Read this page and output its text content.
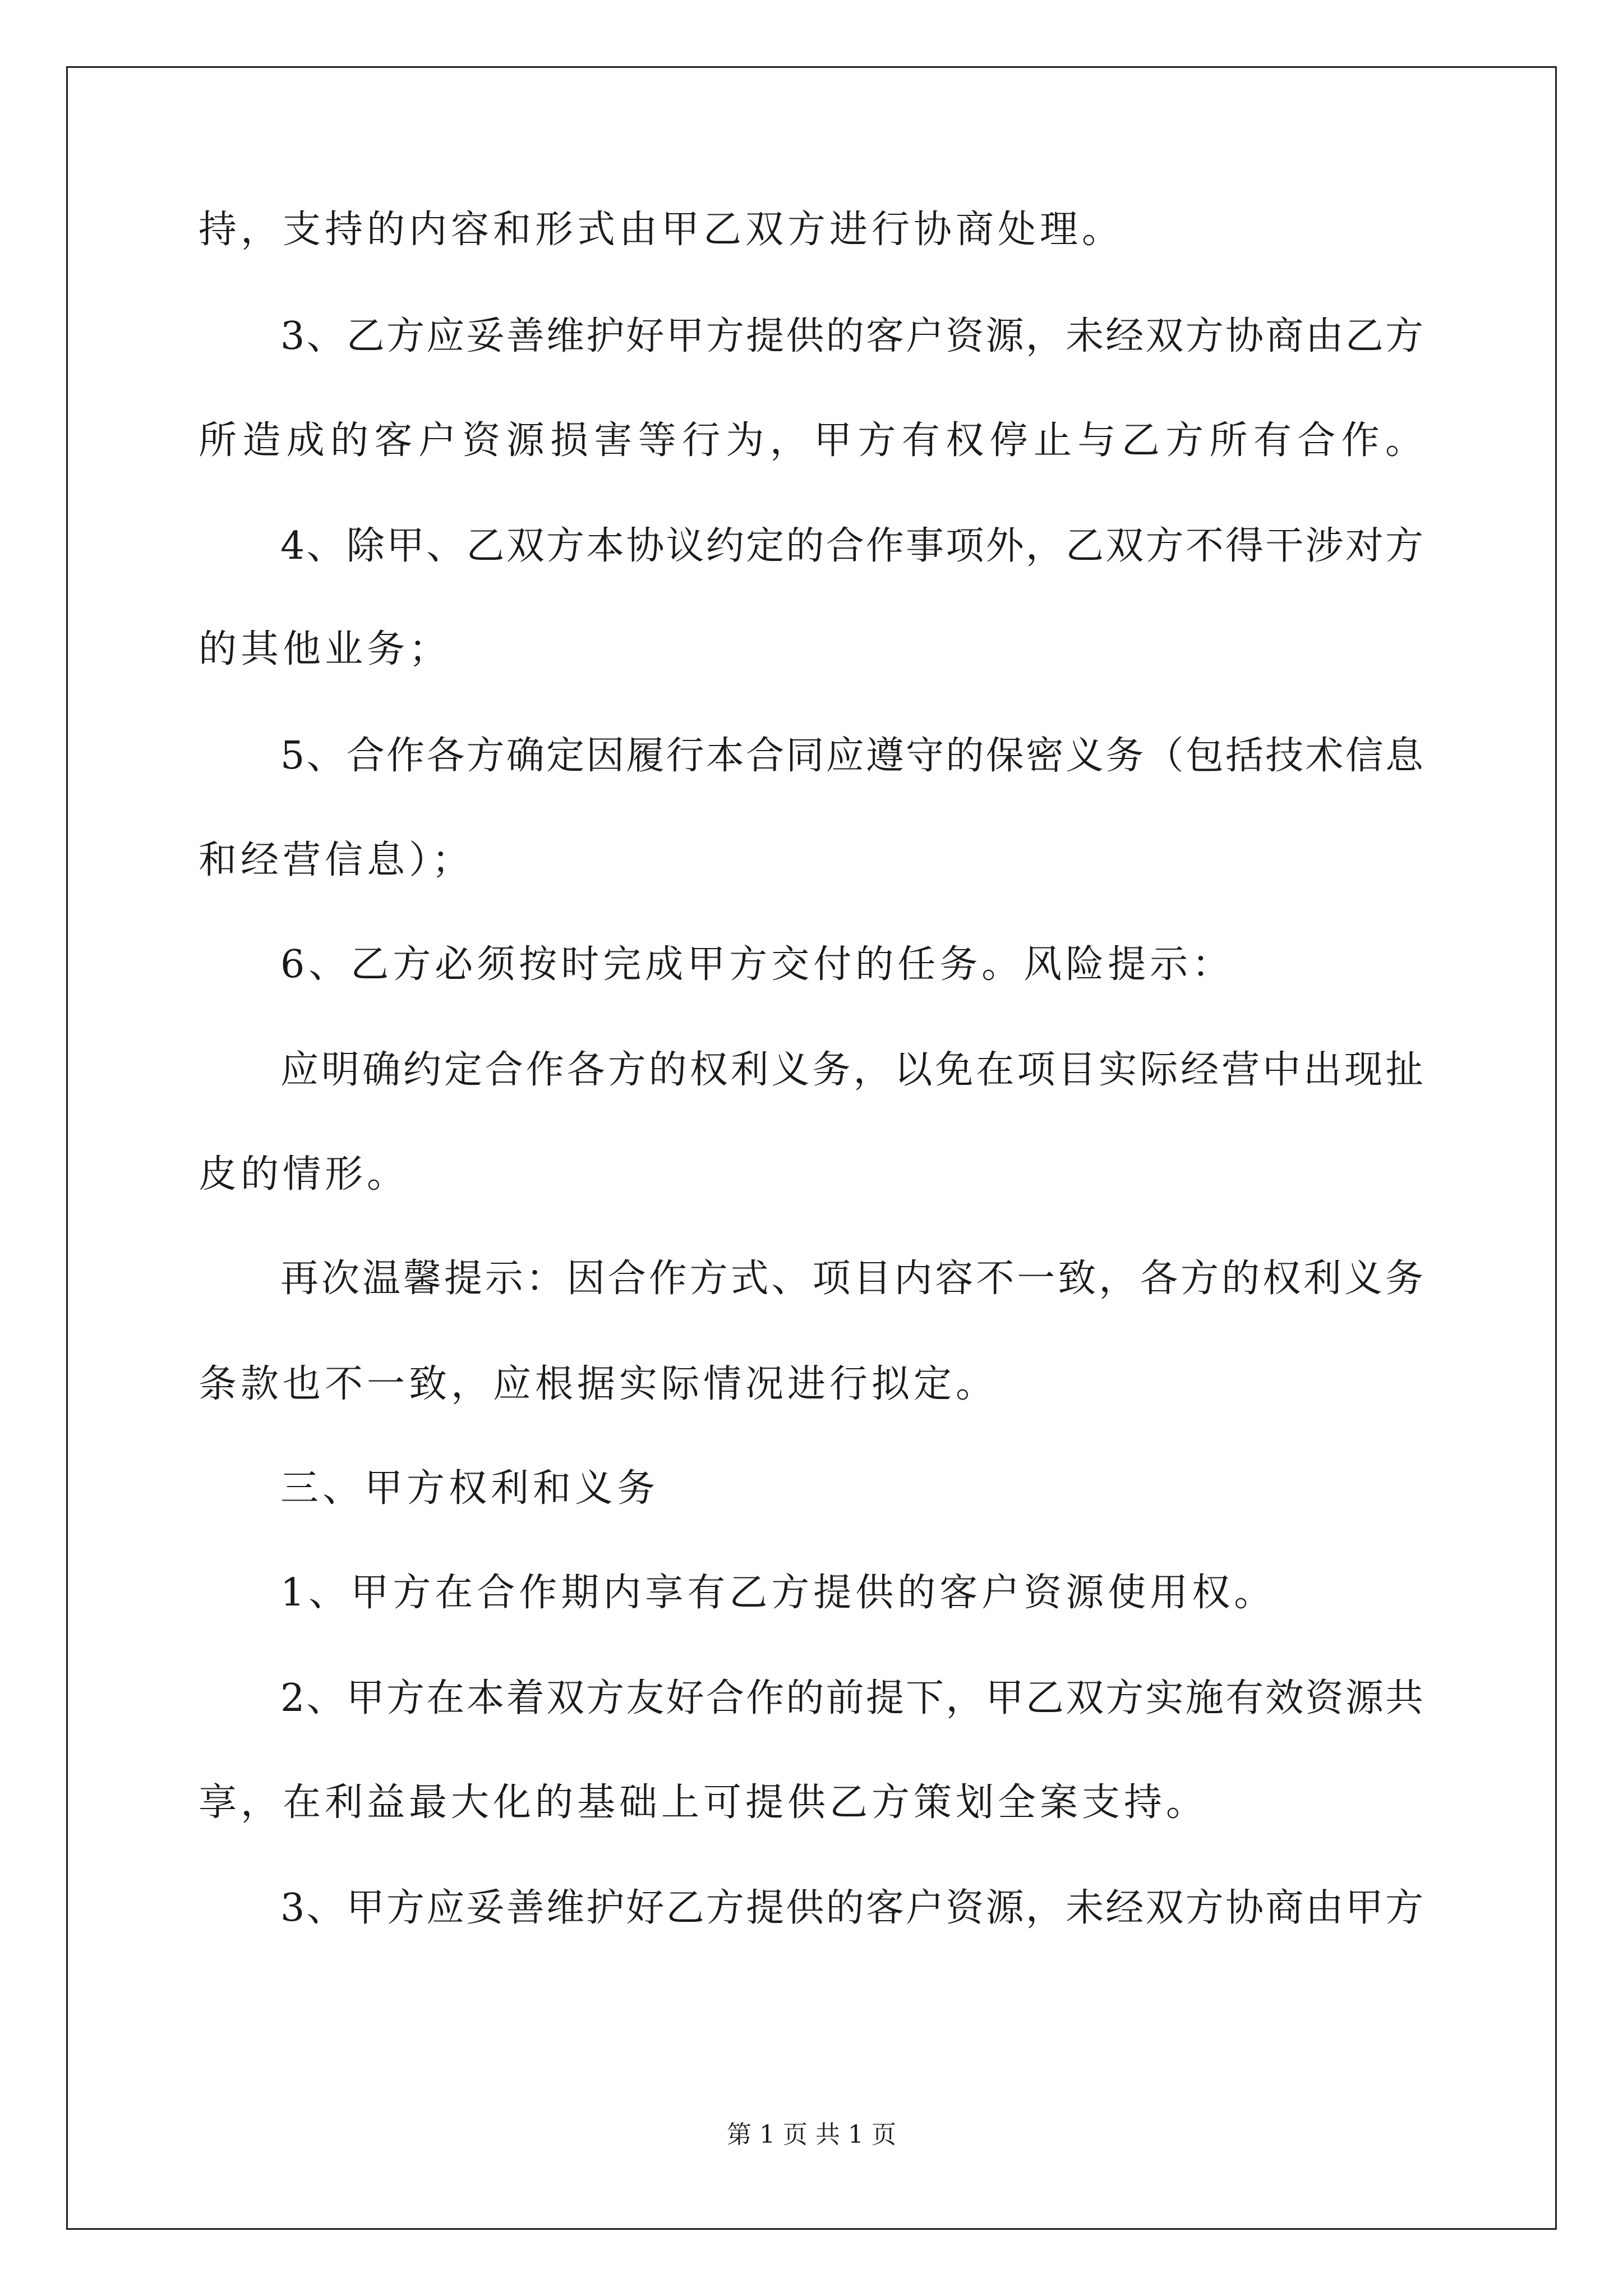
持，支持的内容和形式由甲乙双方进行协商处理。
3、乙方应妥善维护好甲方提供的客户资源，未经双方协商由乙方
所造成的客户资源损害等行为，甲方有权停止与乙方所有合作。
4、除甲、乙双方本协议约定的合作事项外，乙双方不得干涉对方
的其他业务；
5、合作各方确定因履行本合同应遵守的保密义务（包括技术信息
和经营信息）；
6、乙方必须按时完成甲方交付的任务。风险提示：
应明确约定合作各方的权利义务，以免在项目实际经营中出现扯
皮的情形。
再次温馨提示：因合作方式、项目内容不一致，各方的权利义务
条款也不一致，应根据实际情况进行拟定。
三、甲方权利和义务
1、甲方在合作期内享有乙方提供的客户资源使用权。
2、甲方在本着双方友好合作的前提下，甲乙双方实施有效资源共
享，在利益最大化的基础上可提供乙方策划全案支持。
3、甲方应妥善维护好乙方提供的客户资源，未经双方协商由甲方
第 1 页 共 1 页
